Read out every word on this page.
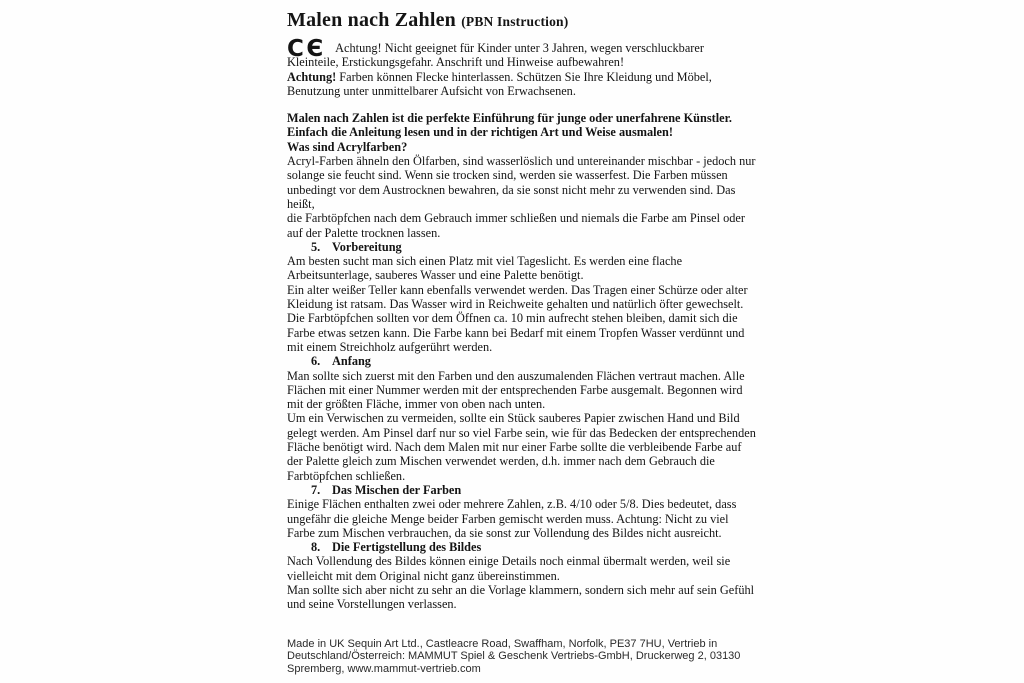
Malen nach Zahlen (PBN Instruction)

CЄ Achtung! Nicht geeignet für Kinder unter 3 Jahren, wegen verschluckbarer Kleinteile, Erstickungsgefahr. Anschrift und Hinweise aufbewahren!

Achtung! Farben können Flecke hinterlassen. Schützen Sie Ihre Kleidung und Möbel, Benutzung unter unmittelbarer Aufsicht von Erwachsenen.

Malen nach Zahlen ist die perfekte Einführung für junge oder unerfahrene Künstler. Einfach die Anleitung lesen und in der richtigen Art und Weise ausmalen!

Was sind Acrylfarben?

Acryl-Farben ähneln den Ölfarben, sind wasserlöslich und untereinander mischbar - jedoch nur solange sie feucht sind. Wenn sie trocken sind, werden sie wasserfest. Die Farben müssen unbedingt vor dem Austrocknen bewahren, da sie sonst nicht mehr zu verwenden sind. Das heißt,

die Farbtöpfchen nach dem Gebrauch immer schließen und niemals die Farbe am Pinsel oder auf der Palette trocknen lassen.

5. Vorbereitung

Am besten sucht man sich einen Platz mit viel Tageslicht. Es werden eine flache Arbeitsunterlage, sauberes Wasser und eine Palette benötigt.

Ein alter weißer Teller kann ebenfalls verwendet werden. Das Tragen einer Schürze oder alter Kleidung ist ratsam. Das Wasser wird in Reichweite gehalten und natürlich öfter gewechselt. Die Farbtöpfchen sollten vor dem Öffnen ca. 10 min aufrecht stehen bleiben, damit sich die Farbe etwas setzen kann. Die Farbe kann bei Bedarf mit einem Tropfen Wasser verdünnt und mit einem Streichholz aufgerührt werden.

6. Anfang

Man sollte sich zuerst mit den Farben und den auszumalenden Flächen vertraut machen. Alle Flächen mit einer Nummer werden mit der entsprechenden Farbe ausgemalt. Begonnen wird mit der größten Fläche, immer von oben nach unten.

Um ein Verwischen zu vermeiden, sollte ein Stück sauberes Papier zwischen Hand und Bild gelegt werden. Am Pinsel darf nur so viel Farbe sein, wie für das Bedecken der entsprechenden Fläche benötigt wird. Nach dem Malen mit nur einer Farbe sollte die verbleibende Farbe auf der Palette gleich zum Mischen verwendet werden, d.h. immer nach dem Gebrauch die Farbtöpfchen schließen.

7. Das Mischen der Farben

Einige Flächen enthalten zwei oder mehrere Zahlen, z.B. 4/10 oder 5/8. Dies bedeutet, dass ungefähr die gleiche Menge beider Farben gemischt werden muss. Achtung: Nicht zu viel Farbe zum Mischen verbrauchen, da sie sonst zur Vollendung des Bildes nicht ausreicht.

8. Die Fertigstellung des Bildes

Nach Vollendung des Bildes können einige Details noch einmal übermalt werden, weil sie vielleicht mit dem Original nicht ganz übereinstimmen.

Man sollte sich aber nicht zu sehr an die Vorlage klammern, sondern sich mehr auf sein Gefühl und seine Vorstellungen verlassen.

Made in UK Sequin Art Ltd., Castleacre Road, Swaffham, Norfolk, PE37 7HU, Vertrieb in
Deutschland/Österreich: MAMMUT Spiel & Geschenk Vertriebs-GmbH, Druckerweg 2, 03130
Spremberg, www.mammut-vertrieb.com
